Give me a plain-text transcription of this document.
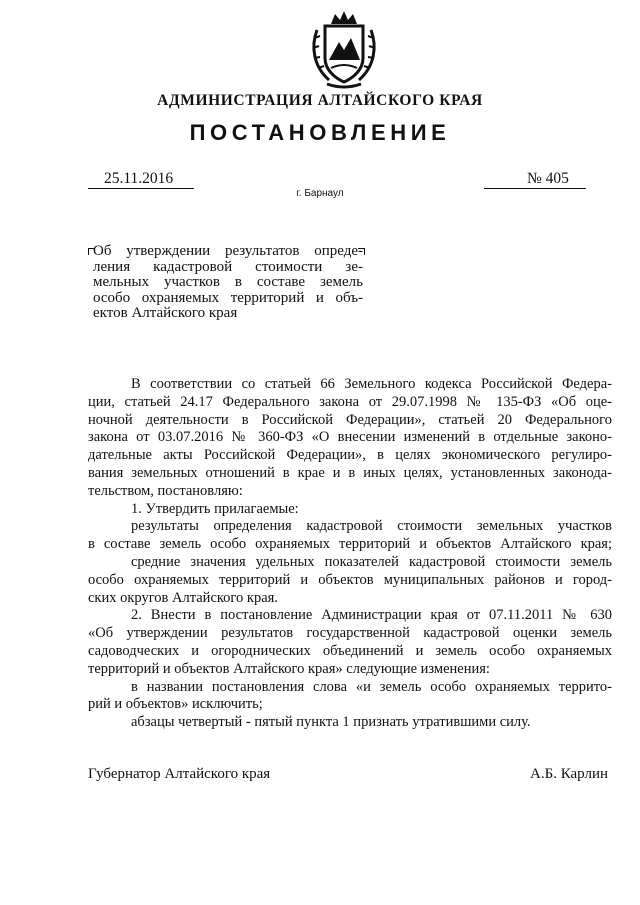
АДМИНИСТРАЦИЯ АЛТАЙСКОГО КРАЯ
ПОСТАНОВЛЕНИЕ
25.11.2016	№ 405
г. Барнаул
Об утверждении результатов опреде-
ления кадастровой стоимости зе-
мельных участков в составе земель
особо охраняемых территорий и объ-
ектов Алтайского края
В соответствии со статьей 66 Земельного кодекса Российской Федера-
ции, статьей 24.17 Федерального закона от 29.07.1998 № 135-ФЗ «Об оце-
ночной деятельности в Российской Федерации», статьей 20 Федерального
закона от 03.07.2016 № 360-ФЗ «О внесении изменений в отдельные законо-
дательные акты Российской Федерации», в целях экономического регулиро-
вания земельных отношений в крае и в иных целях, установленных законода-
тельством, постановляю:
1. Утвердить прилагаемые:
результаты определения кадастровой стоимости земельных участков
в составе земель особо охраняемых территорий и объектов Алтайского края;
средние значения удельных показателей кадастровой стоимости земель
особо охраняемых территорий и объектов муниципальных районов и город-
ских округов Алтайского края.
2. Внести в постановление Администрации края от 07.11.2011 № 630
«Об утверждении результатов государственной кадастровой оценки земель
садоводческих и огороднических объединений и земель особо охраняемых
территорий и объектов Алтайского края» следующие изменения:
в названии постановления слова «и земель особо охраняемых террито-
рий и объектов» исключить;
абзацы четвертый - пятый пункта 1 признать утратившими силу.
Губернатор Алтайского края	А.Б. Карлин
